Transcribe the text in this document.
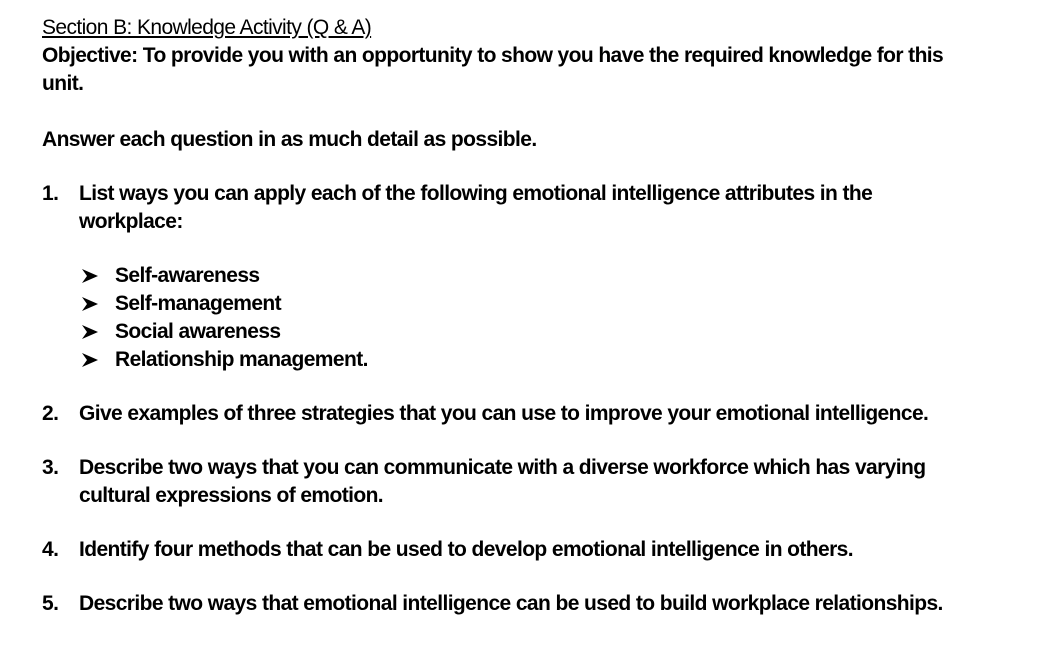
Section B: Knowledge Activity (Q & A)

Objective: To provide you with an opportunity to show you have the required knowledge for this unit.

Answer each question in as much detail as possible.

1. List ways you can apply each of the following emotional intelligence attributes in the workplace:
Self-awareness
Self-management
Social awareness
Relationship management.
2. Give examples of three strategies that you can use to improve your emotional intelligence.
3. Describe two ways that you can communicate with a diverse workforce which has varying cultural expressions of emotion.
4. Identify four methods that can be used to develop emotional intelligence in others.
5. Describe two ways that emotional intelligence can be used to build workplace relationships.
